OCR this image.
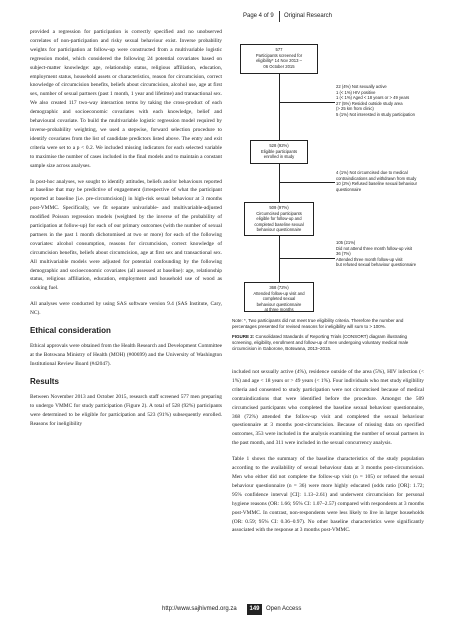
Page 4 of 9 Original Research

provided a regression for participation is correctly specified and no unobserved correlates of non-participation and risky sexual behaviour exist. Inverse probability weights for participation at follow-up were constructed from a multivariable logistic regression model, which considered the following 24 potential covariates based on subject-matter knowledge: age, relationship status, religious affiliation, education, employment status, household assets or characteristics, reason for circumcision, correct knowledge of circumcision benefits, beliefs about circumcision, alcohol use, age at first sex, number of sexual partners (past 1 month, 1 year and lifetime) and transactional sex. We also created 117 two-way interaction terms by taking the cross-product of each demographic and socioeconomic covariates with each knowledge, belief and behavioural covariate. To build the multivariable logistic regression model required by inverse-probability weighting, we used a stepwise, forward selection procedure to identify covariates from the list of candidate predictors listed above. The entry and exit criteria were set to a p < 0.2. We included missing indicators for each selected variable to maximise the number of cases included in the final models and to maintain a constant sample size across analyses.

In post-hoc analyses, we sought to identify attitudes, beliefs and/or behaviours reported at baseline that may be predictive of engagement (irrespective of what the participant reported at baseline [i.e. pre-circumcision]) in high-risk sexual behaviour at 3 months post-VMMC. Specifically, we fit separate univariable- and multivariable-adjusted modified Poisson regression models (weighted by the inverse of the probability of participation at follow-up) for each of our primary outcomes (with the number of sexual partners in the past 1 month dichotomised at two or more) for each of the following covariates: alcohol consumption, reasons for circumcision, correct knowledge of circumcision benefits, beliefs about circumcision, age at first sex and transactional sex. All multivariable models were adjusted for potential confounding by the following demographic and socioeconomic covariates (all assessed at baseline): age, relationship status, religious affiliation, education, employment and household use of wood as cooking fuel.

All analyses were conducted by using SAS software version 9.4 (SAS Institute, Cary, NC).

Ethical consideration

Ethical approvals were obtained from the Health Research and Development Committee at the Botswana Ministry of Health (MOH) (#00699) and the University of Washington Institutional Review Board (#42047).

Results

Between November 2013 and October 2015, research staff screened 577 men preparing to undergo VMMC for study participation (Figure 2). A total of 528 (92%) participants were determined to be eligible for participation and 523 (91%) subsequently enrolled. Reasons for ineligibility

577
Participants screened for
eligibility* 14 Nov 2013 –
06 October 2015
22 (4%) Not sexually active
1 (< 1%) HIV positive
1 (< 1%) Aged < 18 years or > 49 years
27 (5%) Resided outside study area
(> 25 km from clinic)
5 (1%) Not interested in study participation
528 (92%)
Eligible participants
enrolled in study
4 (1%) Not circumcised due to medical
contraindications and withdrawn from study
10 (2%) Refused baseline sexual behaviour
questionnaire
509 (97%)
Circumcised participants
eligible for follow-up and
completed baseline sexual
behaviour questionnaire
105 (21%)
Did not attend three month follow-up visit
36 (7%)
Attended three month follow-up visit
but refused sexual behaviour questionnaire
368 (72%)
Attended follow-up visit and
completed sexual
behaviour questionnaire
at three months

Note: *, Two participants did not meet true eligibility criteria. Therefore the number and percentages presented for revised reasons for ineligibility will sum to > 100%.

FIGURE 2: Consolidated Standards of Reporting Trials (CONSORT) diagram illustrating screening, eligibility, enrollment and follow-up of men undergoing voluntary medical male circumcision in Gaborone, Botswana, 2013–2015.

included not sexually active (4%), residence outside of the area (5%), HIV infection (< 1%) and age < 18 years or > 49 years (< 1%). Four individuals who met study eligibility criteria and consented to study participation were not circumcised because of medical contraindications that were identified before the procedure. Amongst the 509 circumcised participants who completed the baseline sexual behaviour questionnaire, 368 (72%) attended the follow-up visit and completed the sexual behaviour questionnaire at 3 months post-circumcision. Because of missing data on specified outcomes, 353 were included in the analysis examining the number of sexual partners in the past month, and 311 were included in the sexual concurrency analysis.

Table 1 shows the summary of the baseline characteristics of the study population according to the availability of sexual behaviour data at 3 months post-circumcision. Men who either did not complete the follow-up visit (n = 105) or refused the sexual behaviour questionnaire (n = 36) were more highly educated (odds ratio [OR]: 1.72; 95% confidence interval [CI]: 1.13–2.61) and underwent circumcision for personal hygiene reasons (OR: 1.66; 95% CI: 1.07–2.57) compared with respondents at 3 months post-VMMC. In contrast, non-respondents were less likely to live in larger households (OR: 0.59; 95% CI: 0.36–0.97). No other baseline characteristics were significantly associated with the response at 3 months post-VMMC.

http://www.sajhivmed.org.za	149	Open Access
